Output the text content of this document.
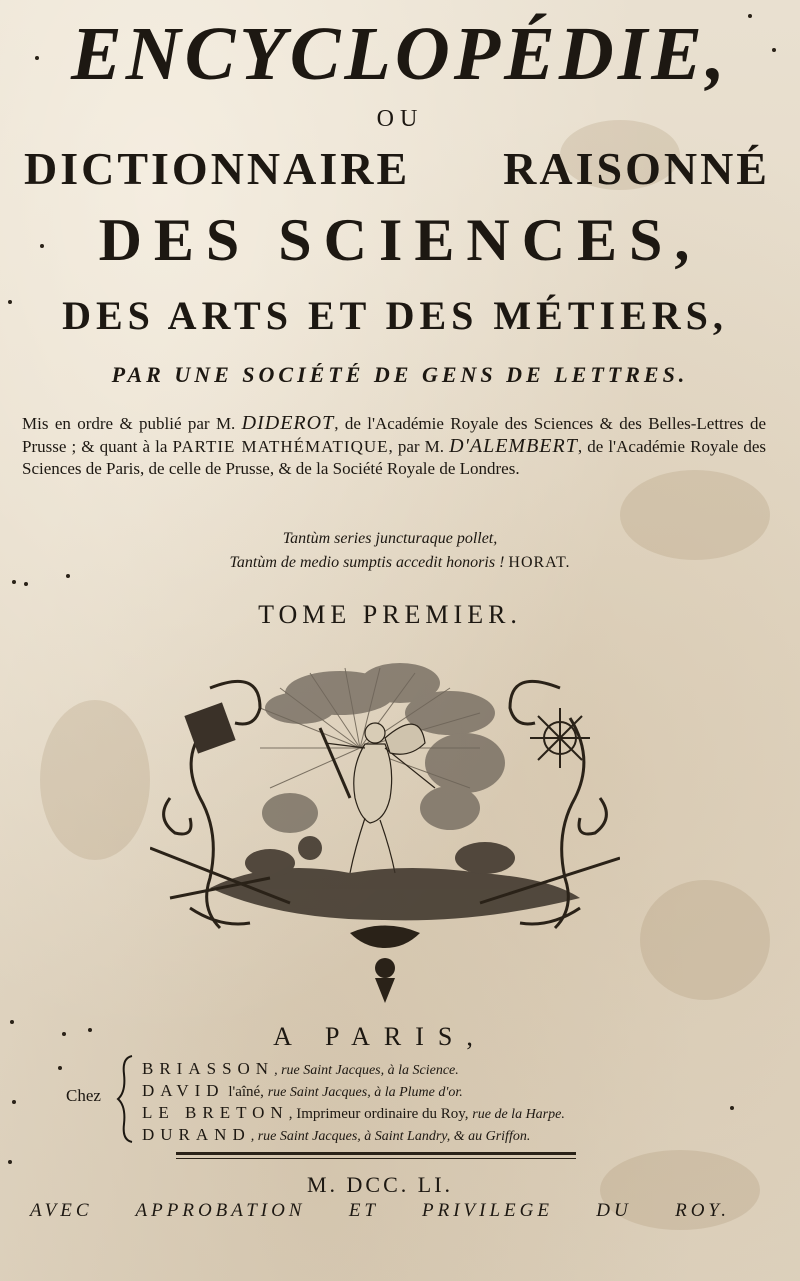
ENCYCLOPÉDIE,
OU
DICTIONNAIRE RAISONNÉ
DES SCIENCES,
DES ARTS ET DES MÉTIERS,
PAR UNE SOCIÉTÉ DE GENS DE LETTRES.
Mis en ordre & publié par M. DIDEROT, de l'Académie Royale des Sciences & des Belles-Lettres de Prusse ; & quant à la PARTIE MATHÉMATIQUE, par M. D'ALEMBERT, de l'Académie Royale des Sciences de Paris, de celle de Prusse, & de la Société Royale de Londres.
Tantùm series juncturaque pollet,
Tantùm de medio sumptis accedit honoris ! HORAT.
TOME PREMIER.
A PARIS,
Chez
BRIASSON, rue Saint Jacques, à la Science.
DAVID l'aîné, rue Saint Jacques, à la Plume d'or.
LE BRETON, Imprimeur ordinaire du Roy, rue de la Harpe.
DURAND, rue Saint Jacques, à Saint Landry, & au Griffon.
M. DCC. LI.
AVEC APPROBATION ET PRIVILEGE DU ROY.
